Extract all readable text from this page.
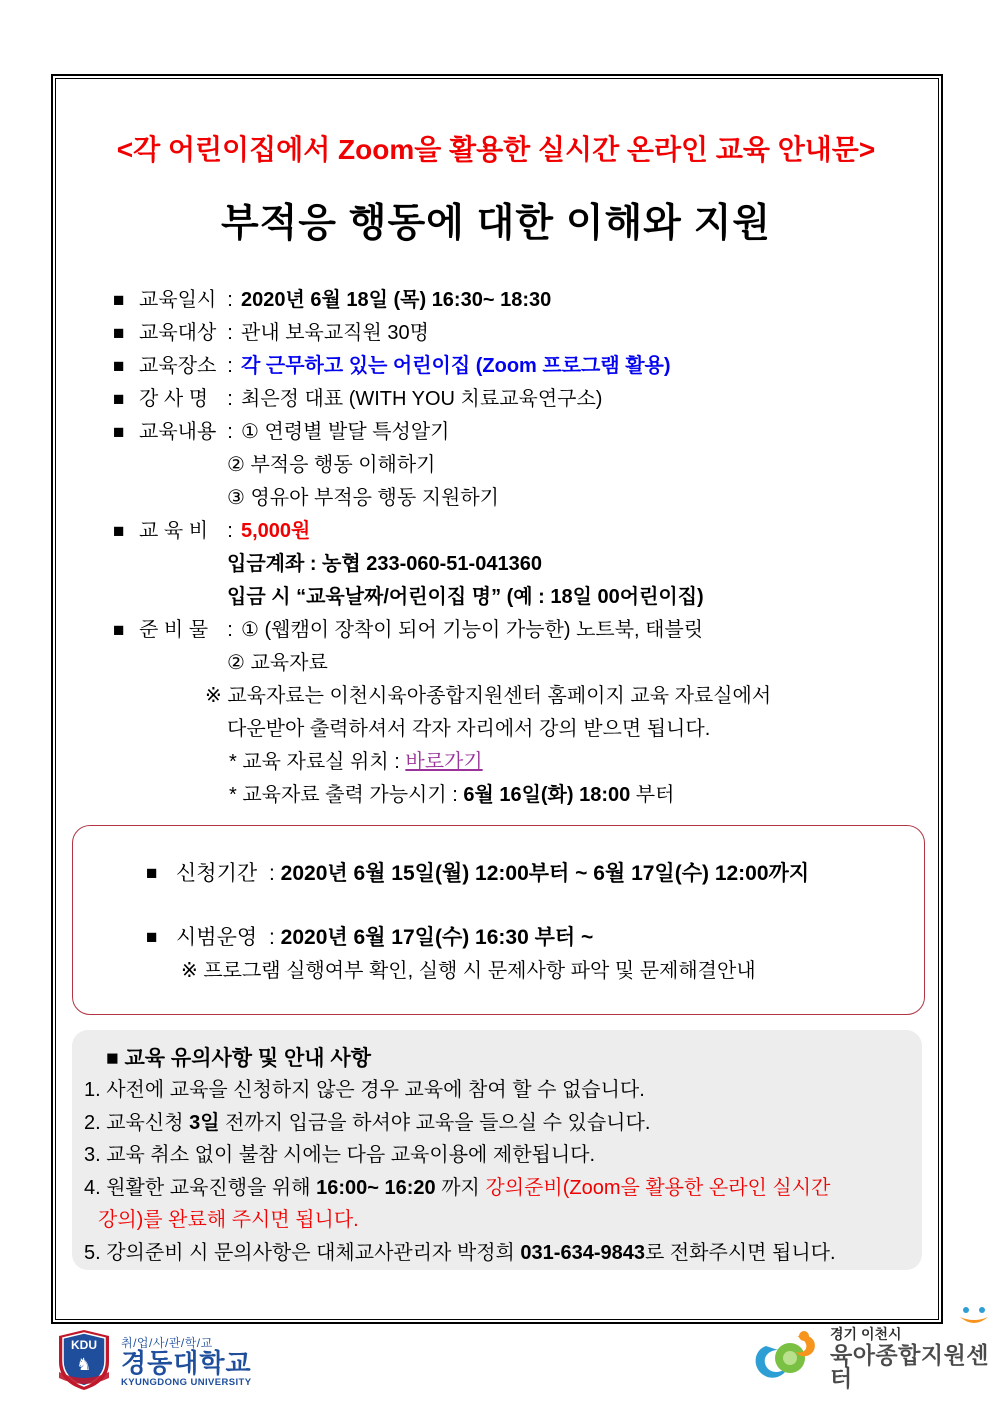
<각 어린이집에서 Zoom을 활용한 실시간 온라인 교육 안내문>
부적응 행동에 대한 이해와 지원
■ 교육일시 : 2020년 6월 18일 (목) 16:30~ 18:30
■ 교육대상 : 관내 보육교직원 30명
■ 교육장소 : 각 근무하고 있는 어린이집 (Zoom 프로그램 활용)
■ 강 사 명 : 최은정 대표 (WITH YOU 치료교육연구소)
■ 교육내용 : ① 연령별 발달 특성알기
② 부적응 행동 이해하기
③ 영유아 부적응 행동 지원하기
■ 교 육 비 : 5,000원
입금계좌 : 농협 233-060-51-041360
입금 시 “교육날짜/어린이집 명” (예 : 18일 00어린이집)
■ 준 비 물 : ① (웹캠이 장착이 되어 기능이 가능한) 노트북, 태블릿
② 교육자료
※ 교육자료는 이천시육아종합지원센터 홈페이지 교육 자료실에서
다운받아 출력하셔서 각자 자리에서 강의 받으면 됩니다.
* 교육 자료실 위치 : 바로가기
* 교육자료 출력 가능시기 : 6월 16일(화) 18:00 부터
■ 신청기간 : 2020년 6월 15일(월) 12:00부터 ~ 6월 17일(수) 12:00까지
■ 시범운영 : 2020년 6월 17일(수) 16:30 부터 ~
※ 프로그램 실행여부 확인, 실행 시 문제사항 파악 및 문제해결안내
■ 교육 유의사항 및 안내 사항
1. 사전에 교육을 신청하지 않은 경우 교육에 참여 할 수 없습니다.
2. 교육신청 3일 전까지 입금을 하셔야 교육을 들으실 수 있습니다.
3. 교육 취소 없이 불참 시에는 다음 교육이용에 제한됩니다.
4. 원활한 교육진행을 위해 16:00~ 16:20 까지 강의준비(Zoom을 활용한 온라인 실시간
강의)를 완료해 주시면 됩니다.
5. 강의준비 시 문의사항은 대체교사관리자 박정희 031-634-9843로 전화주시면 됩니다.
KDU
♞
취/업/사/관/학/교
경동대학교
KYUNGDONG UNIVERSITY
경기 이천시
육아종합지원센터
